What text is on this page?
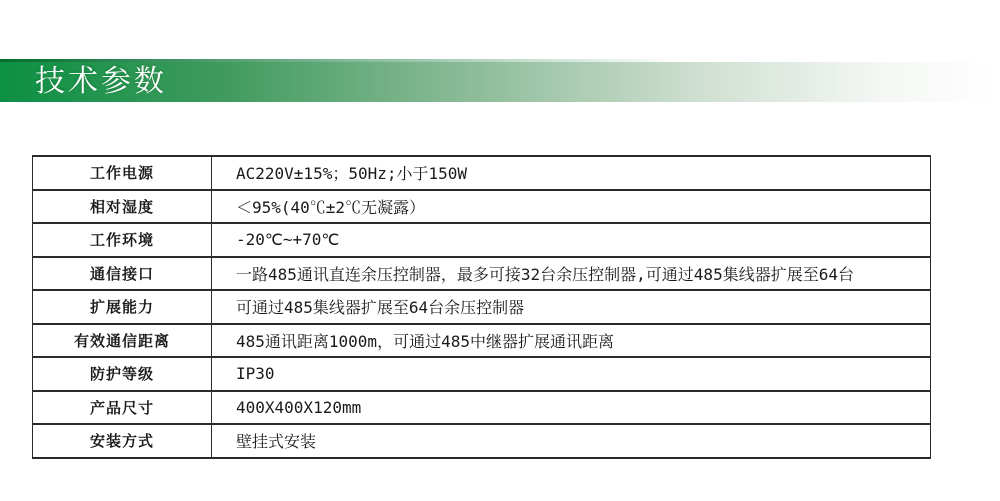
技术参数
工作电源	AC220V±15%；50Hz;小于150W
相对湿度	＜95%(40℃±2℃无凝露）
工作环境	-20℃~+70℃
通信接口	一路485通讯直连余压控制器，最多可接32台余压控制器,可通过485集线器扩展至64台
扩展能力	可通过485集线器扩展至64台余压控制器
有效通信距离	485通讯距离1000m，可通过485中继器扩展通讯距离
防护等级	IP30
产品尺寸	400X400X120mm
安装方式	壁挂式安装
